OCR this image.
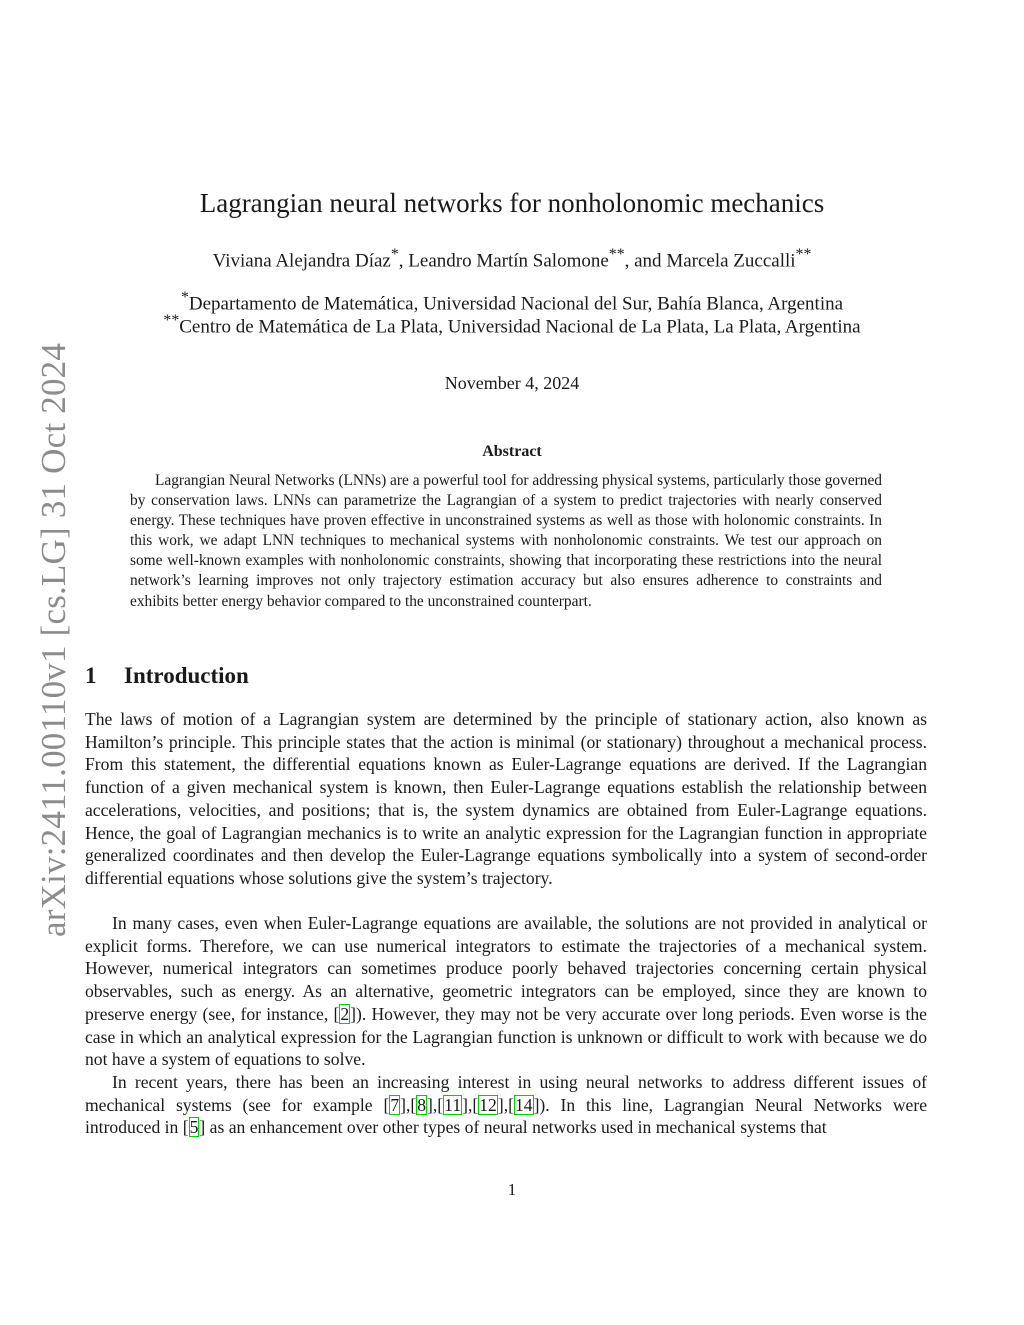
arXiv:2411.00110v1 [cs.LG] 31 Oct 2024
Lagrangian neural networks for nonholonomic mechanics
Viviana Alejandra Díaz*, Leandro Martín Salomone**, and Marcela Zuccalli**
*Departamento de Matemática, Universidad Nacional del Sur, Bahía Blanca, Argentina
**Centro de Matemática de La Plata, Universidad Nacional de La Plata, La Plata, Argentina
November 4, 2024
Abstract

Lagrangian Neural Networks (LNNs) are a powerful tool for addressing physical systems, particularly those governed by conservation laws. LNNs can parametrize the Lagrangian of a system to predict trajectories with nearly conserved energy. These techniques have proven effective in unconstrained systems as well as those with holonomic constraints. In this work, we adapt LNN techniques to mechanical systems with nonholonomic constraints. We test our approach on some well-known examples with nonholonomic constraints, showing that incorporating these restrictions into the neural network’s learning improves not only trajectory estimation accuracy but also ensures adherence to constraints and exhibits better energy behavior compared to the unconstrained counterpart.

1 Introduction

The laws of motion of a Lagrangian system are determined by the principle of stationary action, also known as Hamilton’s principle. This principle states that the action is minimal (or stationary) throughout a mechanical process. From this statement, the differential equations known as Euler-Lagrange equations are derived. If the Lagrangian function of a given mechanical system is known, then Euler-Lagrange equations establish the relationship between accelerations, velocities, and positions; that is, the system dynamics are obtained from Euler-Lagrange equations. Hence, the goal of Lagrangian mechanics is to write an analytic expression for the Lagrangian function in appropriate generalized coordinates and then develop the Euler-Lagrange equations symbolically into a system of second-order differential equations whose solutions give the system’s trajectory.

In many cases, even when Euler-Lagrange equations are available, the solutions are not provided in analytical or explicit forms. Therefore, we can use numerical integrators to estimate the trajectories of a mechanical system. However, numerical integrators can sometimes produce poorly behaved trajectories concerning certain physical observables, such as energy. As an alternative, geometric integrators can be employed, since they are known to preserve energy (see, for instance, [2]). However, they may not be very accurate over long periods. Even worse is the case in which an analytical expression for the Lagrangian function is unknown or difficult to work with because we do not have a system of equations to solve.

In recent years, there has been an increasing interest in using neural networks to address different issues of mechanical systems (see for example [7],[8],[11],[12],[14]). In this line, Lagrangian Neural Networks were introduced in [5] as an enhancement over other types of neural networks used in mechanical systems that

1
